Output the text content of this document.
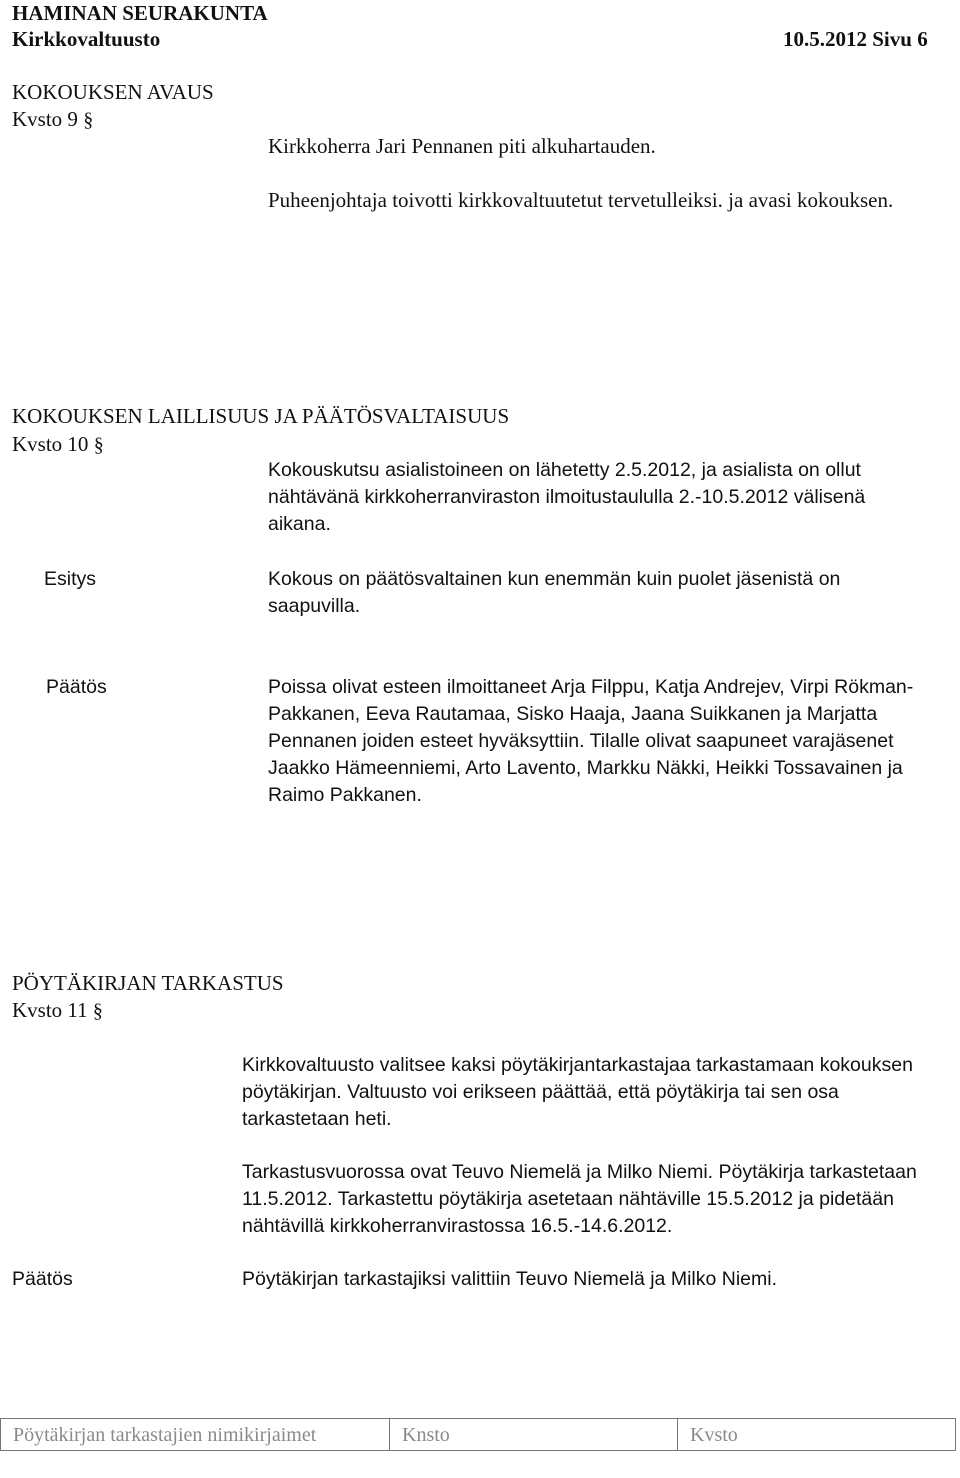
HAMINAN SEURAKUNTA
Kirkkovaltuusto	10.5.2012 Sivu 6
KOKOUKSEN AVAUS
Kvsto 9 §
Kirkkoherra Jari Pennanen piti alkuhartauden.
Puheenjohtaja toivotti kirkkovaltuutetut tervetulleiksi. ja avasi kokouksen.
KOKOUKSEN LAILLISUUS JA PÄÄTÖSVALTAISUUS
Kvsto 10 §
Kokouskutsu asialistoineen on lähetetty 2.5.2012, ja asialista on ollut nähtävänä kirkkoherranviraston ilmoitustaululla 2.-10.5.2012 välisenä aikana.
Esitys	Kokous on päätösvaltainen kun enemmän kuin puolet jäsenistä on saapuvilla.
Päätös	Poissa olivat esteen ilmoittaneet Arja Filppu, Katja Andrejev, Virpi Rökman-Pakkanen, Eeva Rautamaa, Sisko Haaja, Jaana Suikkanen ja Marjatta Pennanen joiden esteet hyväksyttiin. Tilalle olivat saapuneet varajäsenet Jaakko Hämeenniemi, Arto Lavento, Markku Näkki, Heikki Tossavainen ja Raimo Pakkanen.
PÖYTÄKIRJAN TARKASTUS
Kvsto 11 §
Kirkkovaltuusto valitsee kaksi pöytäkirjantarkastajaa tarkastamaan kokouksen pöytäkirjan. Valtuusto voi erikseen päättää, että pöytäkirja tai sen osa tarkastetaan heti.
Tarkastusvuorossa ovat Teuvo Niemelä ja Milko Niemi. Pöytäkirja tarkastetaan 11.5.2012. Tarkastettu pöytäkirja asetetaan nähtäville 15.5.2012 ja pidetään nähtävillä kirkkoherranvirastossa 16.5.-14.6.2012.
Päätös	Pöytäkirjan tarkastajiksi valittiin Teuvo Niemelä ja Milko Niemi.
Pöytäkirjan tarkastajien nimikirjaimet	Knsto	Kvsto
